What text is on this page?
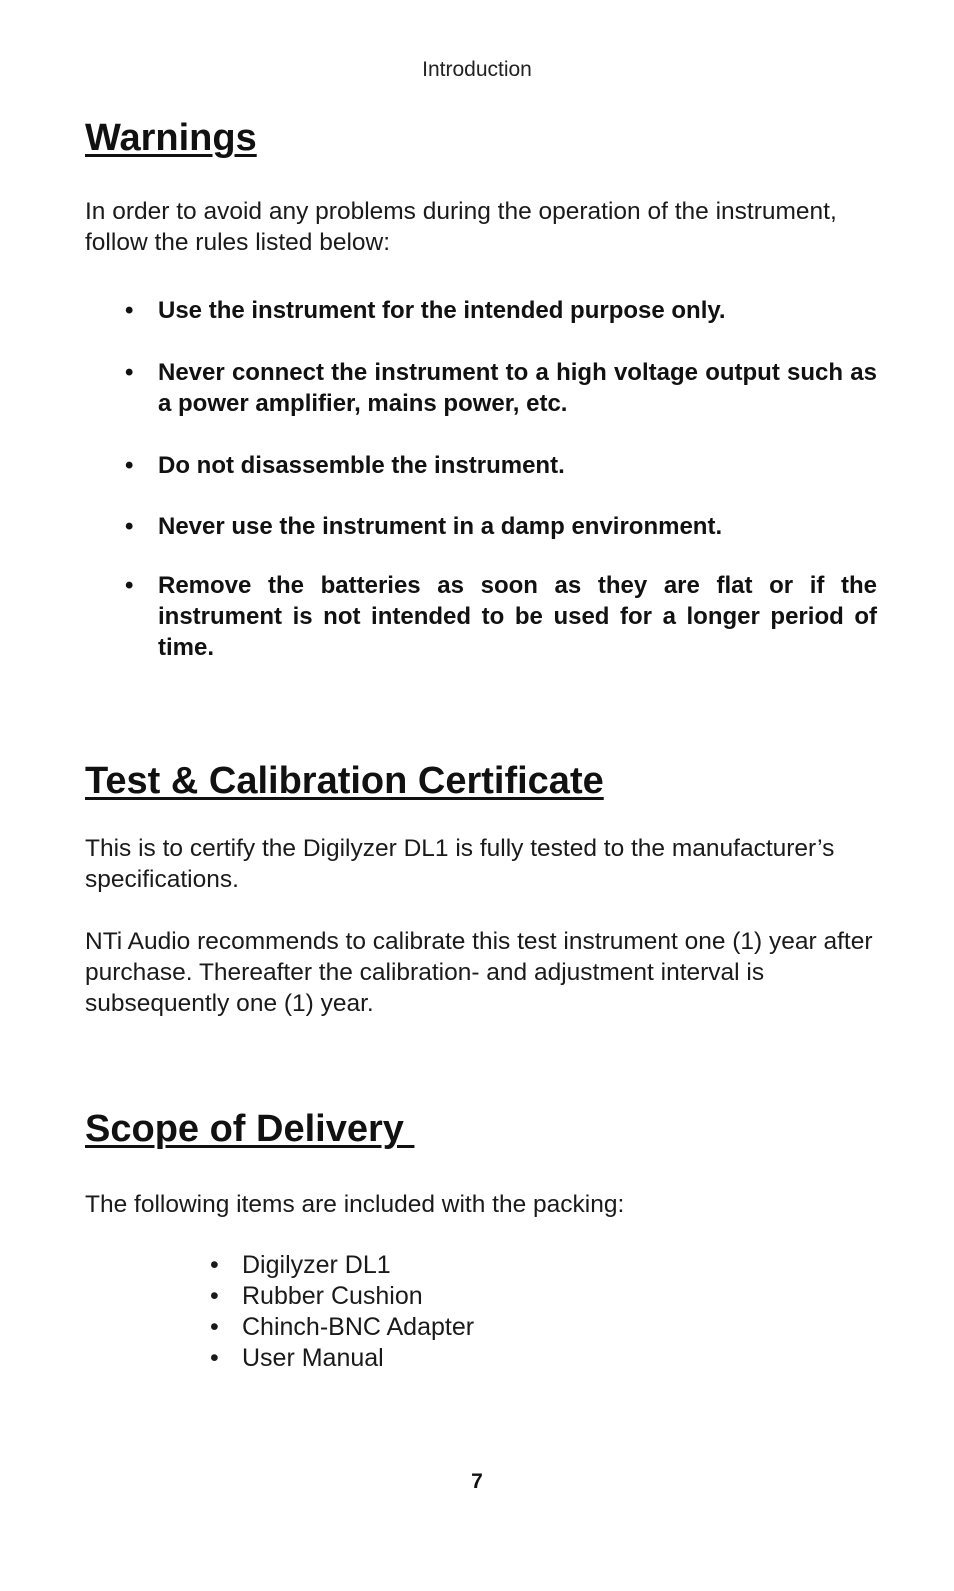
Introduction
Warnings

In order to avoid any problems during the operation of the instrument, follow the rules listed below:

• Use the instrument for the intended purpose only.
• Never connect the instrument to a high voltage output such as a power amplifier, mains power, etc.
• Do not disassemble the instrument.
• Never use the instrument in a damp environment.
• Remove the batteries as soon as they are flat or if the instrument is not intended to be used for a longer period of time.
Test & Calibration Certificate

This is to certify the Digilyzer DL1 is fully tested to the manufacturer’s specifications.

NTi Audio recommends to calibrate this test instrument one (1) year after purchase. Thereafter the calibration- and adjustment interval is subsequently one (1) year.

Scope of Delivery

The following items are included with the packing:

• Digilyzer DL1
• Rubber Cushion
• Chinch-BNC Adapter
• User Manual
7
